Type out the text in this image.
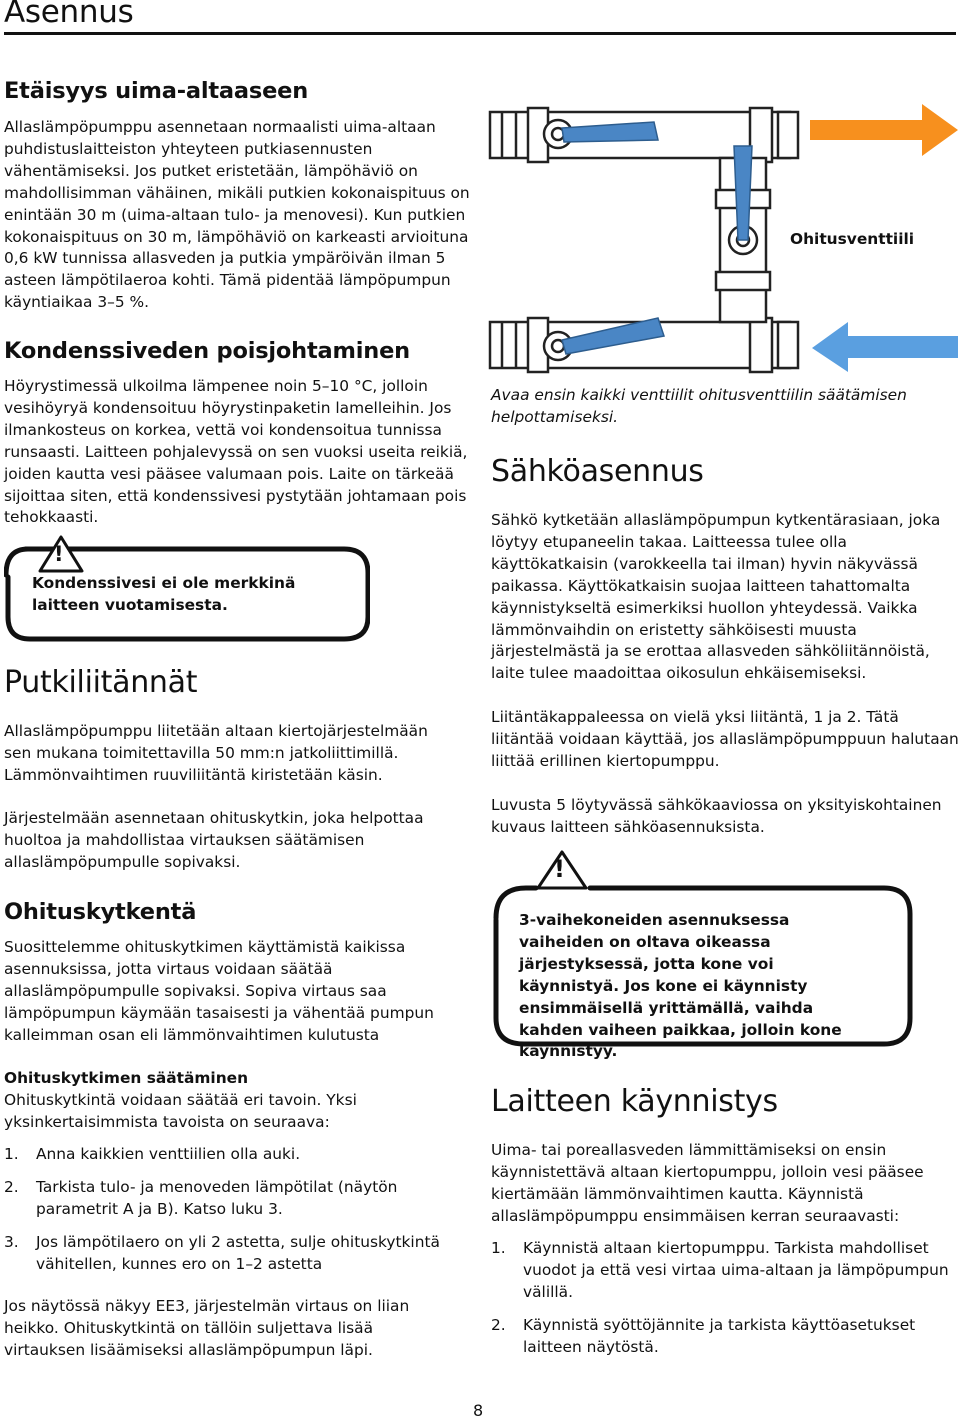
Asennus
Etäisyys uima-altaaseen

Allaslämpöpumppu asennetaan normaalisti uima-altaan puhdistuslaitteiston yhteyteen putkiasennusten vähentämiseksi. Jos putket eristetään, lämpöhäviö on mahdollisimman vähäinen, mikäli putkien kokonaispituus on enintään 30 m (uima-altaan tulo- ja menovesi). Kun putkien kokonaispituus on 30 m, lämpöhäviö on karkeasti arvioituna 0,6 kW tunnissa allasveden ja putkia ympäröivän ilman 5 asteen lämpötilaeroa kohti. Tämä pidentää lämpöpumpun käyntiaikaa 3–5 %.

Kondenssiveden poisjohtaminen

Höyrystimessä ulkoilma lämpenee noin 5–10 °C, jolloin vesihöyryä kondensoituu höyrystinpaketin lamelleihin. Jos ilmankosteus on korkea, vettä voi kondensoitua tunnissa runsaasti. Laitteen pohjalevyssä on sen vuoksi useita reikiä, joiden kautta vesi pääsee valumaan pois. Laite on tärkeää sijoittaa siten, että kondenssivesi pystytään johtamaan pois tehokkaasti.

!

Kondenssivesi ei ole merkkinä

laitteen vuotamisesta.

Putkiliitännät

Allaslämpöpumppu liitetään altaan kiertojärjestelmään sen mukana toimitettavilla 50 mm:n jatkoliittimillä. Lämmönvaihtimen ruuviliitäntä kiristetään käsin.

Järjestelmään asennetaan ohituskytkin, joka helpottaa huoltoa ja mahdollistaa virtauksen säätämisen allaslämpöpumpulle sopivaksi.

Ohituskytkentä

Suosittelemme ohituskytkimen käyttämistä kaikissa asennuksissa, jotta virtaus voidaan säätää allaslämpöpumpulle sopivaksi. Sopiva virtaus saa lämpöpumpun käymään tasaisesti ja vähentää pumpun kalleimman osan eli lämmönvaihtimen kulutusta

Ohituskytkimen säätäminen

Ohituskytkintä voidaan säätää eri tavoin. Yksi yksinkertaisimmista tavoista on seuraava:

1.	Anna kaikkien venttiilien olla auki.
2.	Tarkista tulo- ja menoveden lämpötilat (näytön parametrit A ja B). Katso luku 3.
3.	Jos lämpötilaero on yli 2 astetta, sulje ohituskytkintä vähitellen, kunnes ero on 1–2 astetta

Jos näytössä näkyy EE3, järjestelmän virtaus on liian heikko. Ohituskytkintä on tällöin suljettava lisää virtauksen lisäämiseksi allaslämpöpumpun läpi.

Ohitusventtiili

Avaa ensin kaikki venttiilit ohitusventtiilin säätämisen helpottamiseksi.

Sähköasennus

Sähkö kytketään allaslämpöpumpun kytkentärasiaan, joka löytyy etupaneelin takaa. Laitteessa tulee olla käyttökatkaisin (varokkeella tai ilman) hyvin näkyvässä paikassa. Käyttökatkaisin suojaa laitteen tahattomalta käynnistykseltä esimerkiksi huollon yhteydessä. Vaikka lämmönvaihdin on eristetty sähköisesti muusta järjestelmästä ja se erottaa allasveden sähköliitännöistä, laite tulee maadoittaa oikosulun ehkäisemiseksi.

Liitäntäkappaleessa on vielä yksi liitäntä, 1 ja 2. Tätä liitäntää voidaan käyttää, jos allaslämpöpumppuun halutaan liittää erillinen kiertopumppu.

Luvusta 5 löytyvässä sähkökaaviossa on yksityiskohtainen kuvaus laitteen sähköasennuksista.

!

3-vaihekoneiden asennuksessa vaiheiden on oltava oikeassa järjestyksessä, jotta kone voi käynnistyä. Jos kone ei käynnisty ensimmäisellä yrittämällä, vaihda kahden vaiheen paikkaa, jolloin kone käynnistyy.

Laitteen käynnistys

Uima- tai poreallasveden lämmittämiseksi on ensin käynnistettävä altaan kiertopumppu, jolloin vesi pääsee kiertämään lämmönvaihtimen kautta. Käynnistä allaslämpöpumppu ensimmäisen kerran seuraavasti:

1.	Käynnistä altaan kiertopumppu. Tarkista mahdolliset vuodot ja että vesi virtaa uima-altaan ja lämpöpumpun välillä.
2.	Käynnistä syöttöjännite ja tarkista käyttöasetukset laitteen näytöstä.
8
